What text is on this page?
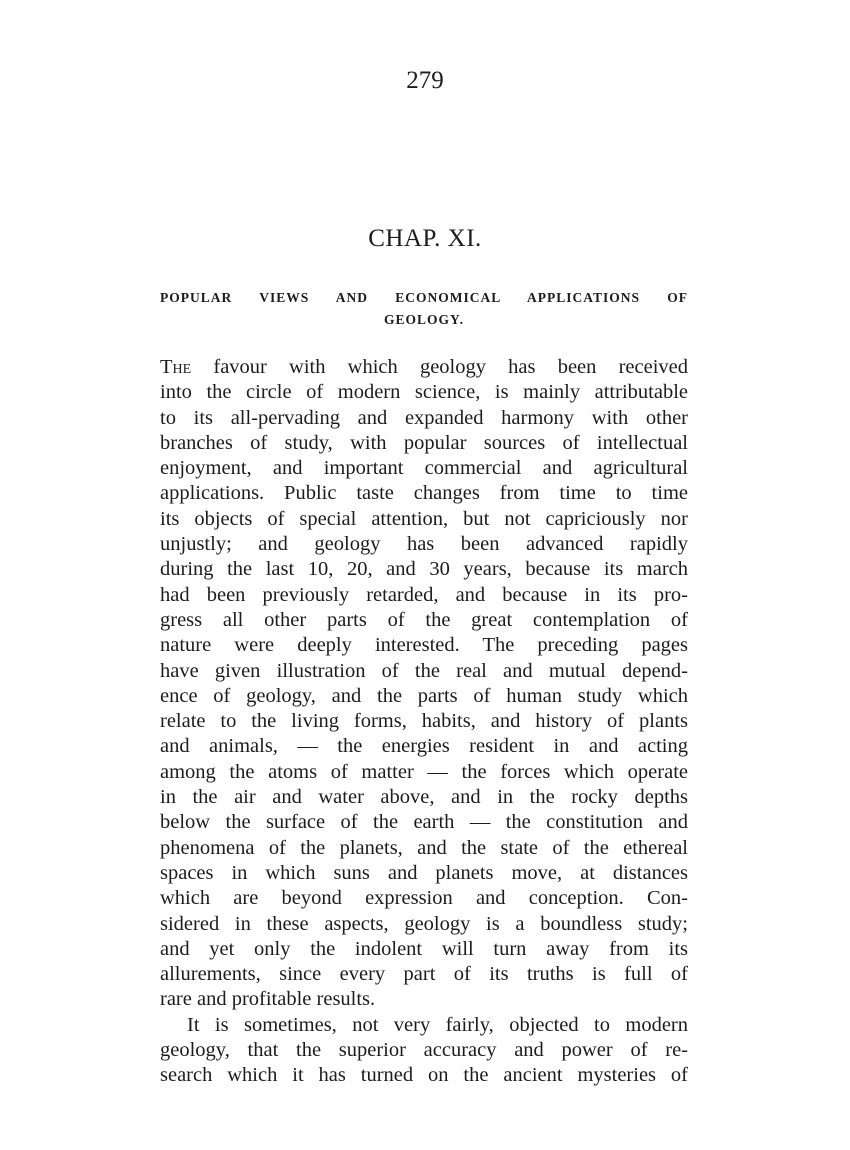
279
CHAP. XI.
POPULAR VIEWS AND ECONOMICAL APPLICATIONS OF
GEOLOGY.
The favour with which geology has been received
into the circle of modern science, is mainly attributable
to its all-pervading and expanded harmony with other
branches of study, with popular sources of intellectual
enjoyment, and important commercial and agricultural
applications. Public taste changes from time to time
its objects of special attention, but not capriciously nor
unjustly; and geology has been advanced rapidly
during the last 10, 20, and 30 years, because its march
had been previously retarded, and because in its pro-
gress all other parts of the great contemplation of
nature were deeply interested. The preceding pages
have given illustration of the real and mutual depend-
ence of geology, and the parts of human study which
relate to the living forms, habits, and history of plants
and animals, — the energies resident in and acting
among the atoms of matter — the forces which operate
in the air and water above, and in the rocky depths
below the surface of the earth — the constitution and
phenomena of the planets, and the state of the ethereal
spaces in which suns and planets move, at distances
which are beyond expression and conception. Con-
sidered in these aspects, geology is a boundless study;
and yet only the indolent will turn away from its
allurements, since every part of its truths is full of
rare and profitable results.
It is sometimes, not very fairly, objected to modern
geology, that the superior accuracy and power of re-
search which it has turned on the ancient mysteries of
